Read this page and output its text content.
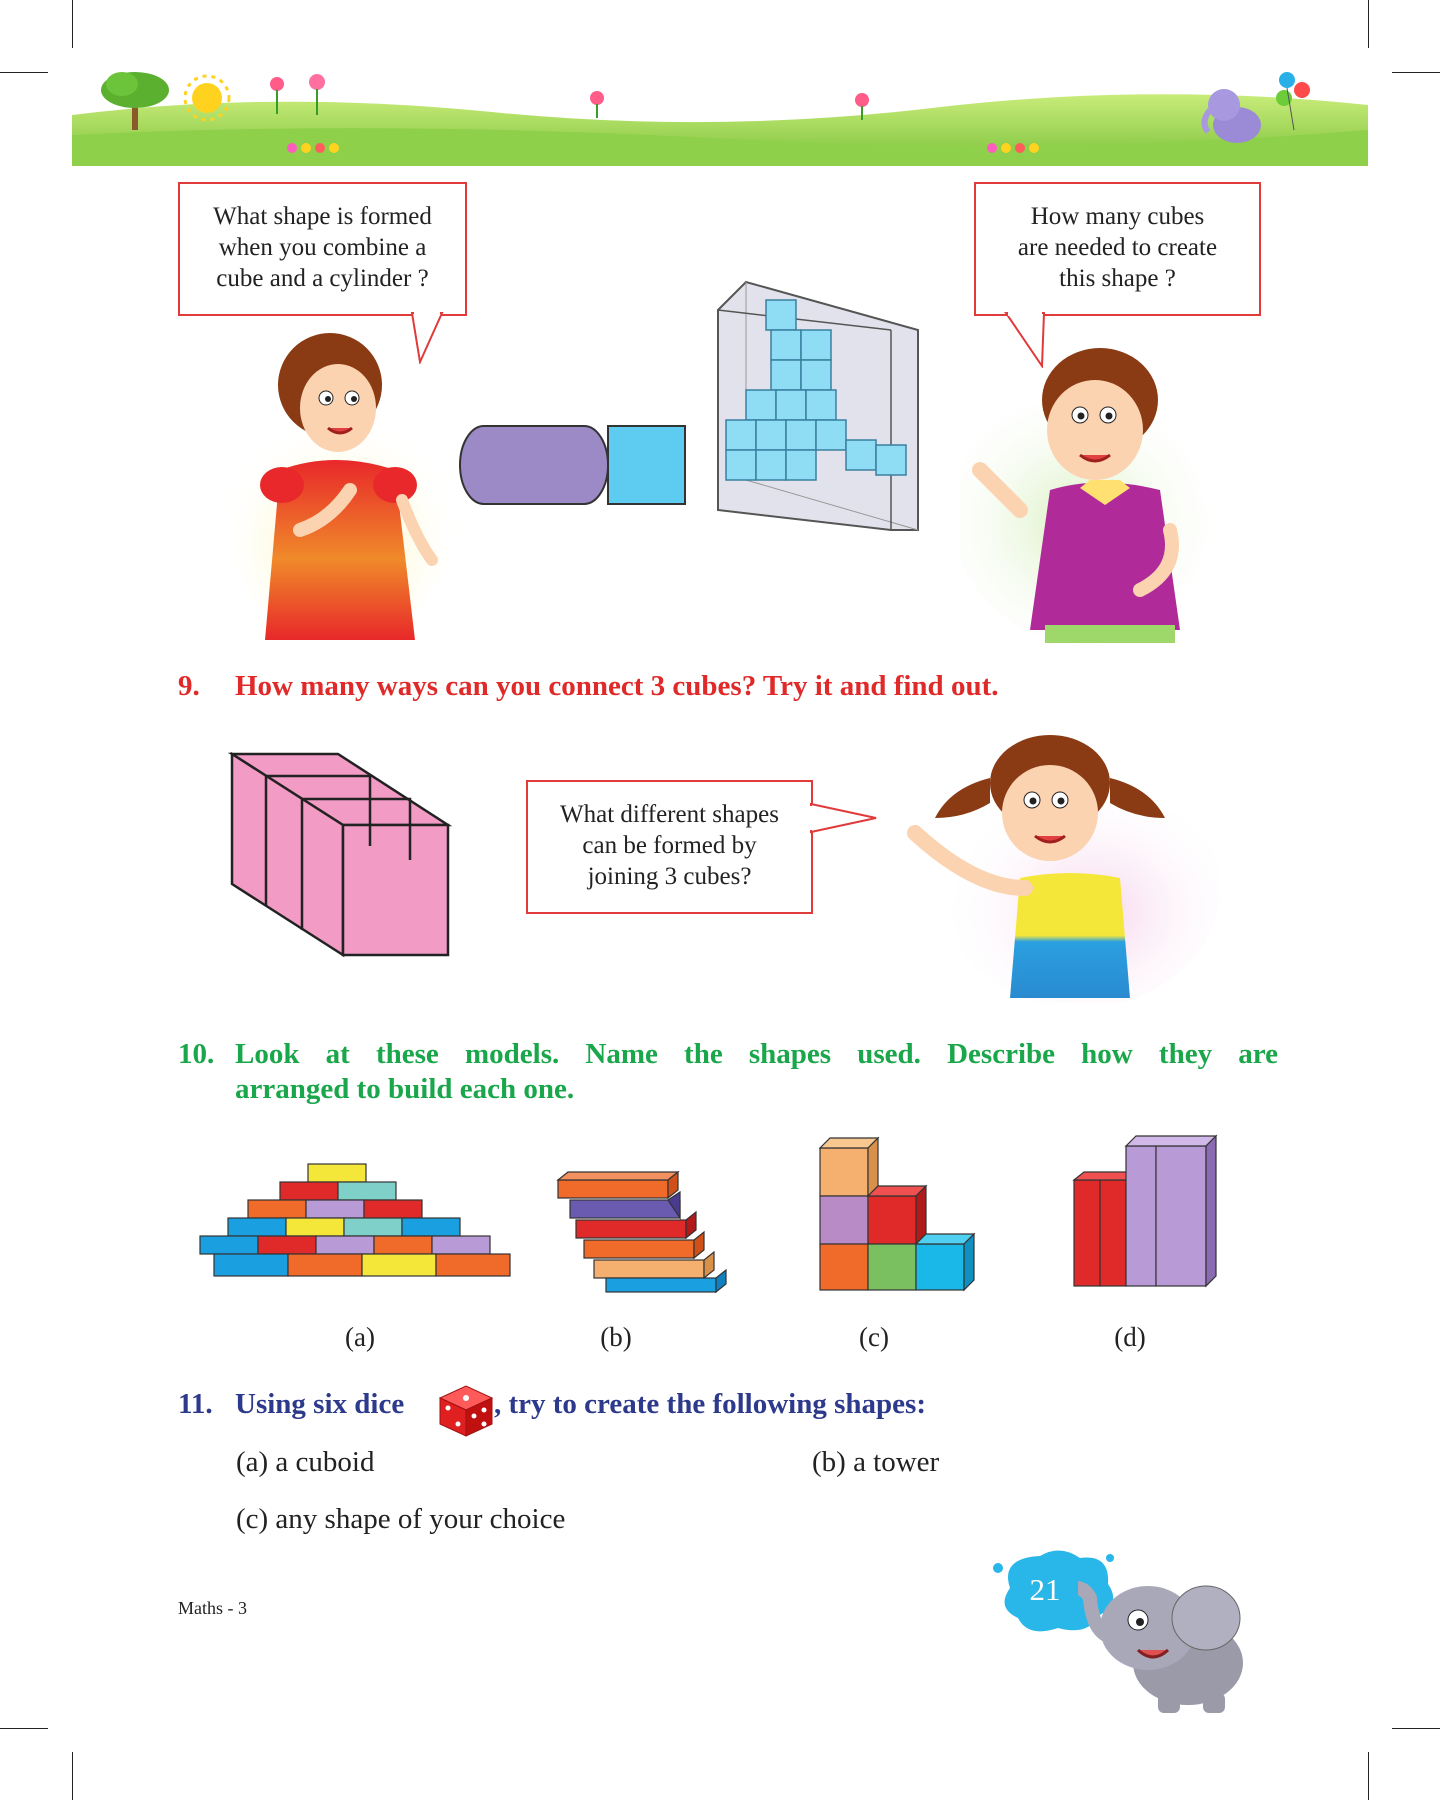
What shape is formed
when you combine a
cube and a cylinder ?
How many cubes
are needed to create
this shape ?
9. How many ways can you connect 3 cubes? Try it and find out.
What different shapes
can be formed by
joining 3 cubes?
10. Look at these models. Name the shapes used. Describe how they are
arranged to build each one.
(a)	(b)	(c)	(d)
11. Using six dice	, try to create the following shapes:
(a) a cuboid	(b) a tower
(c) any shape of your choice
Maths - 3
21
